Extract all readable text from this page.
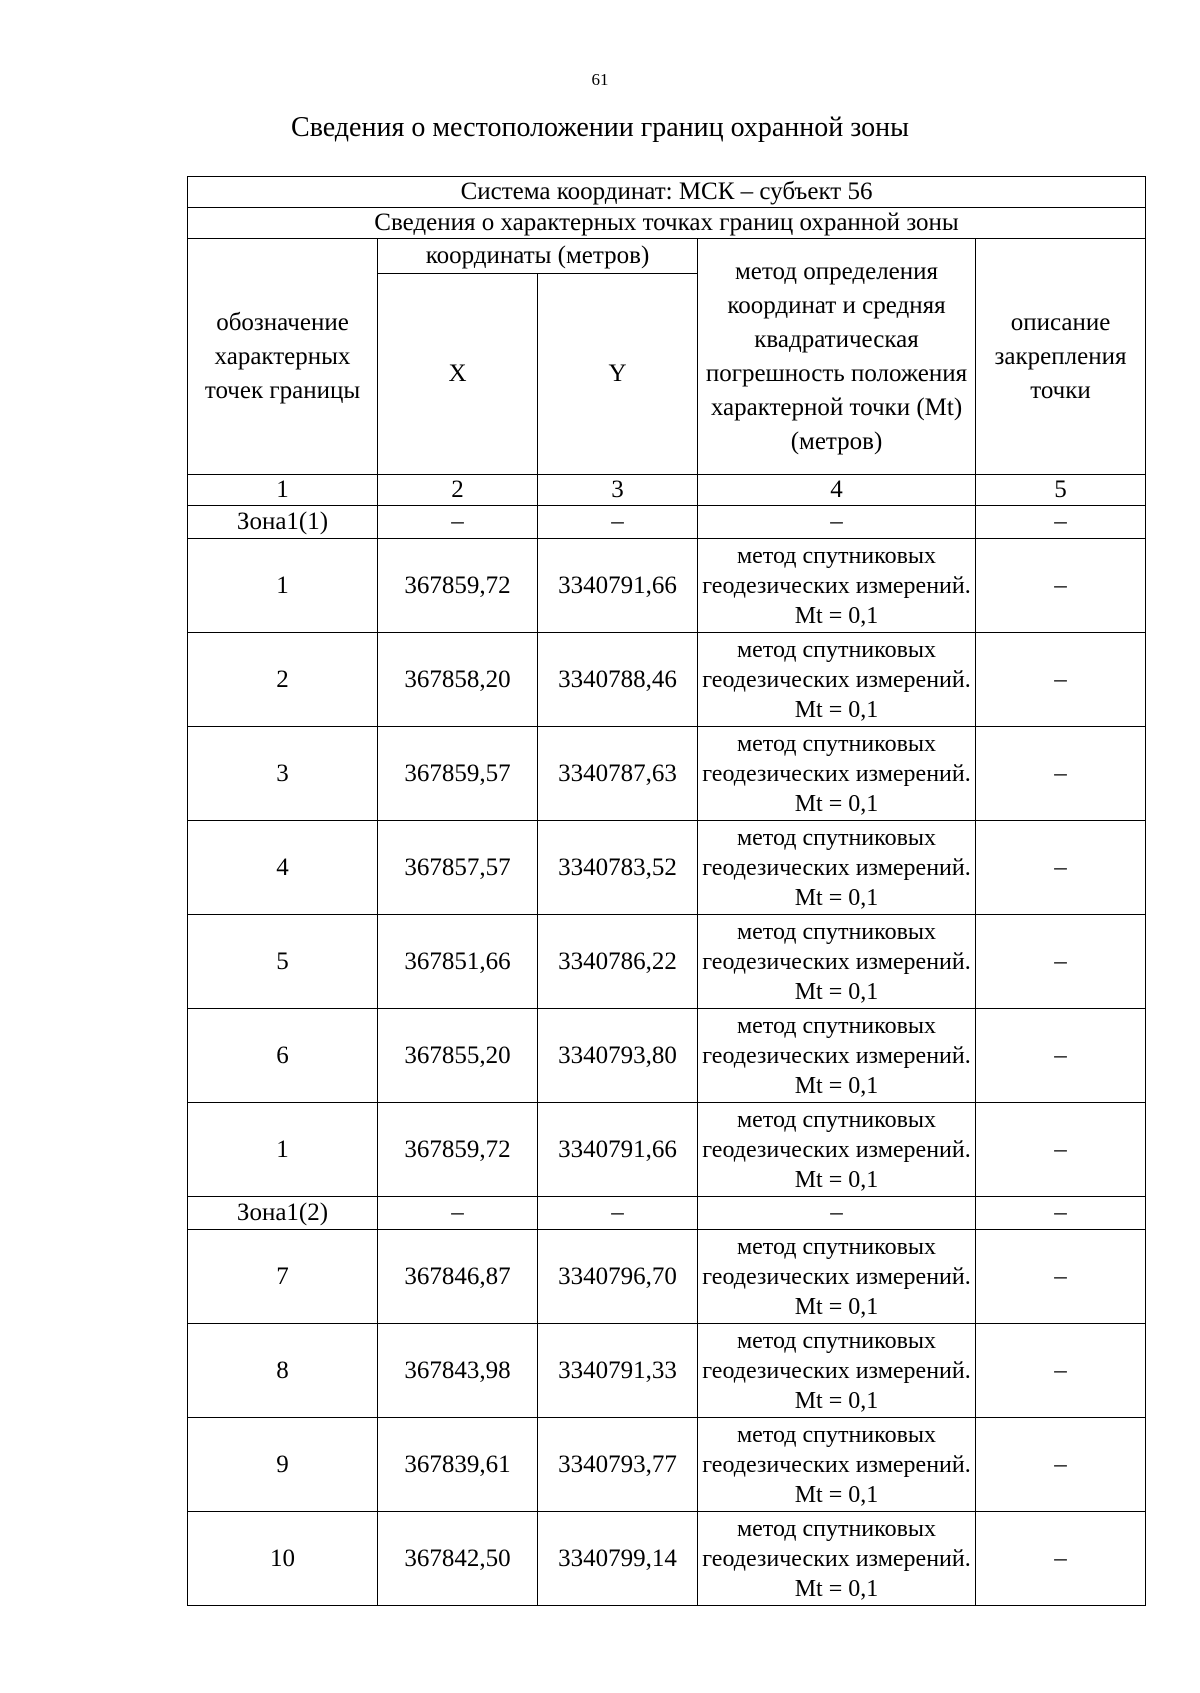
61
Сведения о местоположении границ охранной зоны
Система координат: МСК – субъект 56				
Сведения о характерных точках границ охранной зоны				
обозначение характерных точек границы	координаты (метров)		метод определения координат и средняя квадратическая погрешность положения характерной точки (Mt) (метров)	описание закрепления точки
	X	Y		
1	2	3	4	5
Зона1(1)	–	–	–	–
1	367859,72	3340791,66	метод спутниковых геодезических измерений. Mt = 0,1	–
2	367858,20	3340788,46	метод спутниковых геодезических измерений. Mt = 0,1	–
3	367859,57	3340787,63	метод спутниковых геодезических измерений. Mt = 0,1	–
4	367857,57	3340783,52	метод спутниковых геодезических измерений. Mt = 0,1	–
5	367851,66	3340786,22	метод спутниковых геодезических измерений. Mt = 0,1	–
6	367855,20	3340793,80	метод спутниковых геодезических измерений. Mt = 0,1	–
1	367859,72	3340791,66	метод спутниковых геодезических измерений. Mt = 0,1	–
Зона1(2)	–	–	–	–
7	367846,87	3340796,70	метод спутниковых геодезических измерений. Mt = 0,1	–
8	367843,98	3340791,33	метод спутниковых геодезических измерений. Mt = 0,1	–
9	367839,61	3340793,77	метод спутниковых геодезических измерений. Mt = 0,1	–
10	367842,50	3340799,14	метод спутниковых геодезических измерений. Mt = 0,1	–
